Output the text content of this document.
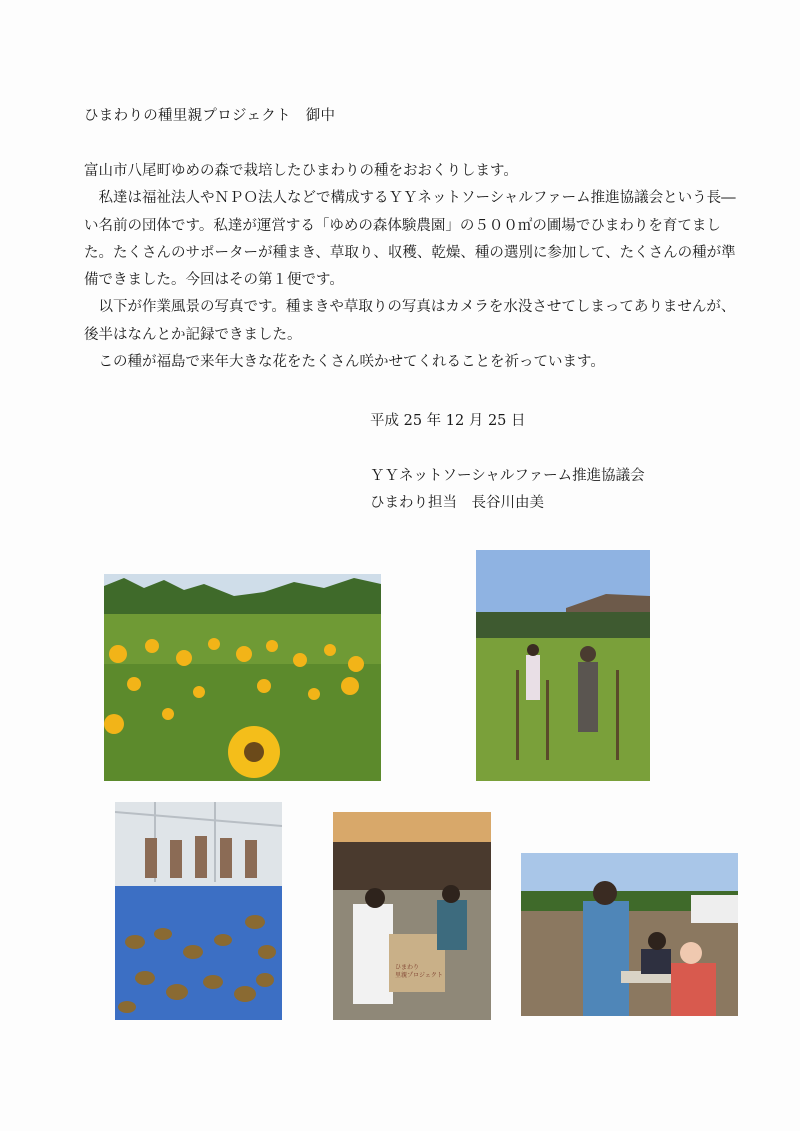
ひまわりの種里親プロジェクト　御中

富山市八尾町ゆめの森で栽培したひまわりの種をおおくりします。

私達は福祉法人やＮＰＯ法人などで構成するＹＹネットソーシャルファーム推進協議会という長―い名前の団体です。私達が運営する「ゆめの森体験農園」の５００㎡の圃場でひまわりを育てました。たくさんのサポーターが種まき、草取り、収穫、乾燥、種の選別に参加して、たくさんの種が準備できました。今回はその第１便です。

以下が作業風景の写真です。種まきや草取りの写真はカメラを水没させてしまってありませんが、後半はなんとか記録できました。

この種が福島で来年大きな花をたくさん咲かせてくれることを祈っています。

平成 25 年 12 月 25 日
ＹＹネットソーシャルファーム推進協議会
ひまわり担当　長谷川由美
ひまわり
里親プロジェクト
